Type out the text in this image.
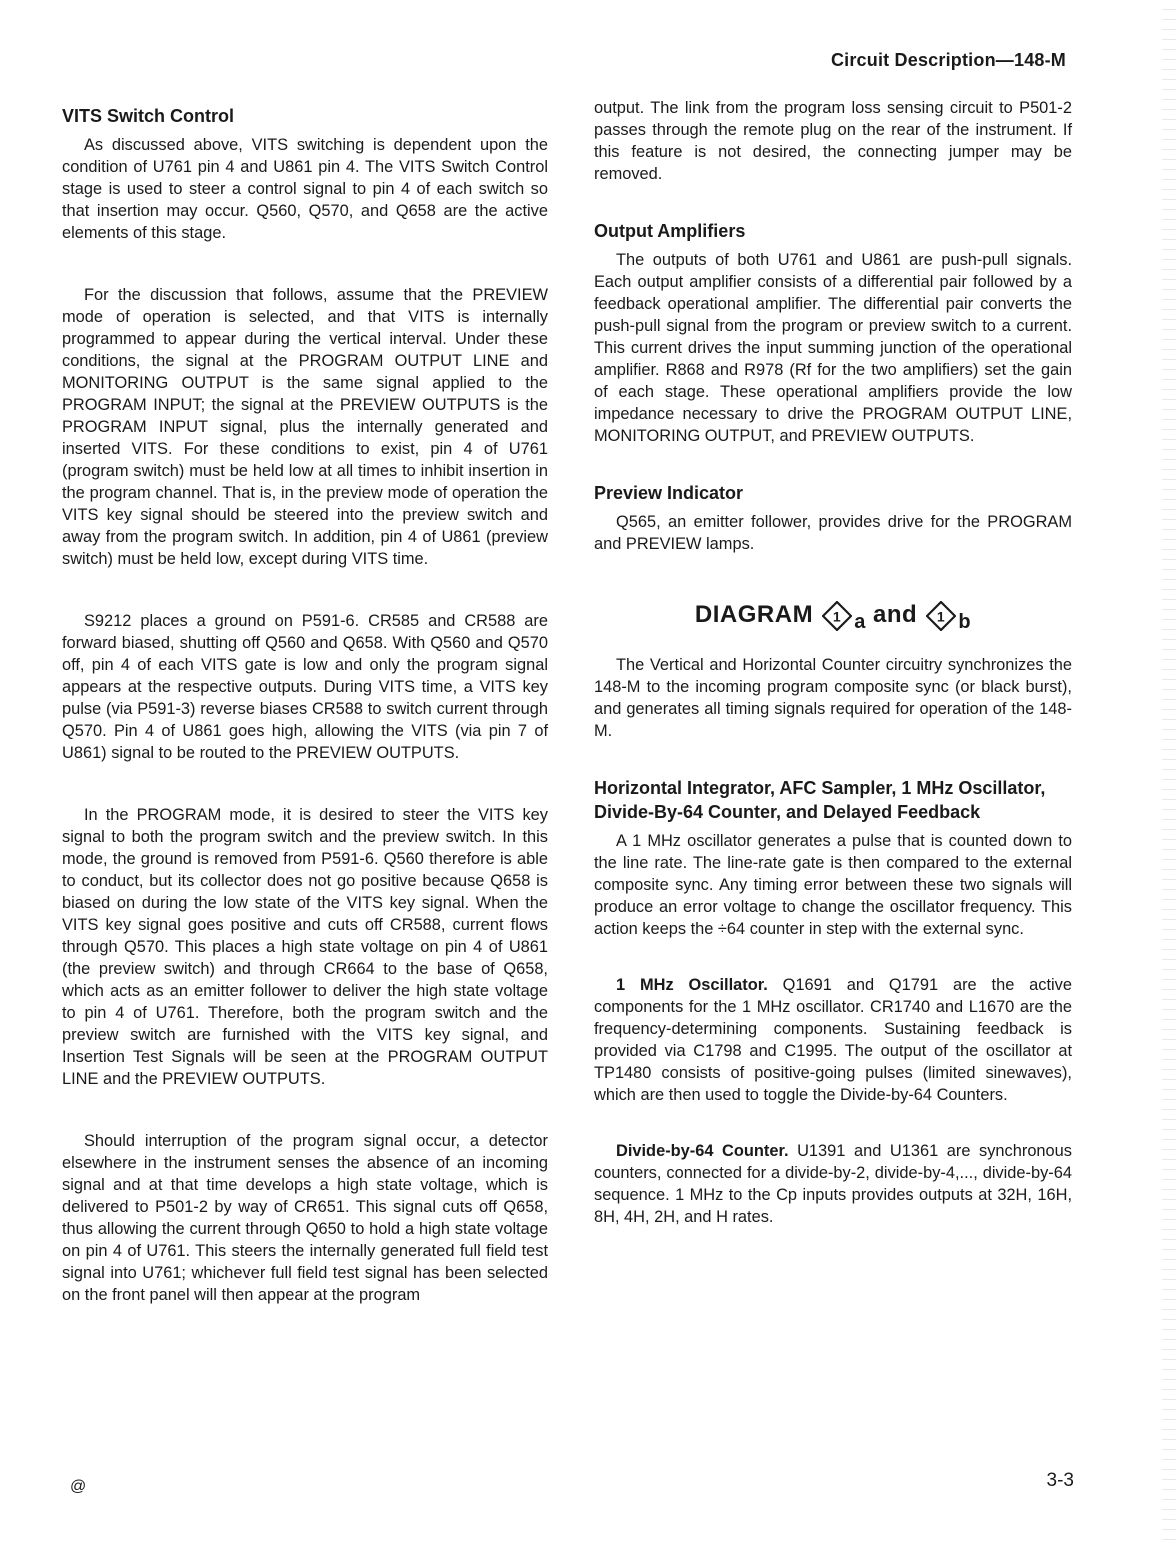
Circuit Description—148-M
VITS Switch Control

As discussed above, VITS switching is dependent upon the condition of U761 pin 4 and U861 pin 4. The VITS Switch Control stage is used to steer a control signal to pin 4 of each switch so that insertion may occur. Q560, Q570, and Q658 are the active elements of this stage.

For the discussion that follows, assume that the PREVIEW mode of operation is selected, and that VITS is internally programmed to appear during the vertical interval. Under these conditions, the signal at the PROGRAM OUTPUT LINE and MONITORING OUTPUT is the same signal applied to the PROGRAM INPUT; the signal at the PREVIEW OUTPUTS is the PROGRAM INPUT signal, plus the internally generated and inserted VITS. For these conditions to exist, pin 4 of U761 (program switch) must be held low at all times to inhibit insertion in the program channel. That is, in the preview mode of operation the VITS key signal should be steered into the preview switch and away from the program switch. In addition, pin 4 of U861 (preview switch) must be held low, except during VITS time.

S9212 places a ground on P591-6. CR585 and CR588 are forward biased, shutting off Q560 and Q658. With Q560 and Q570 off, pin 4 of each VITS gate is low and only the program signal appears at the respective outputs. During VITS time, a VITS key pulse (via P591-3) reverse biases CR588 to switch current through Q570. Pin 4 of U861 goes high, allowing the VITS (via pin 7 of U861) signal to be routed to the PREVIEW OUTPUTS.

In the PROGRAM mode, it is desired to steer the VITS key signal to both the program switch and the preview switch. In this mode, the ground is removed from P591-6. Q560 therefore is able to conduct, but its collector does not go positive because Q658 is biased on during the low state of the VITS key signal. When the VITS key signal goes positive and cuts off CR588, current flows through Q570. This places a high state voltage on pin 4 of U861 (the preview switch) and through CR664 to the base of Q658, which acts as an emitter follower to deliver the high state voltage to pin 4 of U761. Therefore, both the program switch and the preview switch are furnished with the VITS key signal, and Insertion Test Signals will be seen at the PROGRAM OUTPUT LINE and the PREVIEW OUTPUTS.

Should interruption of the program signal occur, a detector elsewhere in the instrument senses the absence of an incoming signal and at that time develops a high state voltage, which is delivered to P501-2 by way of CR651. This signal cuts off Q658, thus allowing the current through Q650 to hold a high state voltage on pin 4 of U761. This steers the internally generated full field test signal into U761; whichever full field test signal has been selected on the front panel will then appear at the program

output. The link from the program loss sensing circuit to P501-2 passes through the remote plug on the rear of the instrument. If this feature is not desired, the connecting jumper may be removed.

Output Amplifiers

The outputs of both U761 and U861 are push-pull signals. Each output amplifier consists of a differential pair followed by a feedback operational amplifier. The differential pair converts the push-pull signal from the program or preview switch to a current. This current drives the input summing junction of the operational amplifier. R868 and R978 (Rf for the two amplifiers) set the gain of each stage. These operational amplifiers provide the low impedance necessary to drive the PROGRAM OUTPUT LINE, MONITORING OUTPUT, and PREVIEW OUTPUTS.

Preview Indicator

Q565, an emitter follower, provides drive for the PROGRAM and PREVIEW lamps.

DIAGRAM 1 $_a$ and 1 $_b$

The Vertical and Horizontal Counter circuitry synchronizes the 148-M to the incoming program composite sync (or black burst), and generates all timing signals required for operation of the 148-M.

Horizontal Integrator, AFC Sampler, 1 MHz Oscillator, Divide-By-64 Counter, and Delayed Feedback

A 1 MHz oscillator generates a pulse that is counted down to the line rate. The line-rate gate is then compared to the external composite sync. Any timing error between these two signals will produce an error voltage to change the oscillator frequency. This action keeps the ÷64 counter in step with the external sync.

1 MHz Oscillator. Q1691 and Q1791 are the active components for the 1 MHz oscillator. CR1740 and L1670 are the frequency-determining components. Sustaining feedback is provided via C1798 and C1995. The output of the oscillator at TP1480 consists of positive-going pulses (limited sinewaves), which are then used to toggle the Divide-by-64 Counters.

Divide-by-64 Counter. U1391 and U1361 are synchronous counters, connected for a divide-by-2, divide-by-4,..., divide-by-64 sequence. 1 MHz to the Cp inputs provides outputs at 32H, 16H, 8H, 4H, 2H, and H rates.

@	3-3
